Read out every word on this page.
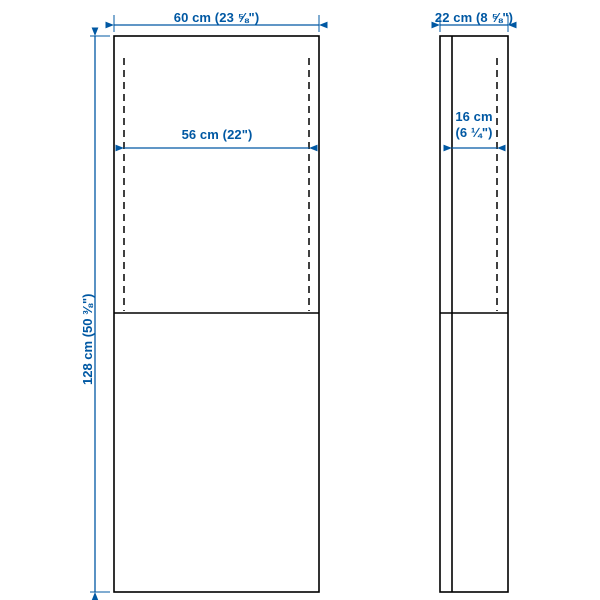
60 cm (23 ⅝")	22 cm (8 ⅝")
128 cm (50 ⅜")
56 cm (22")
16 cm
(6 ¼")
